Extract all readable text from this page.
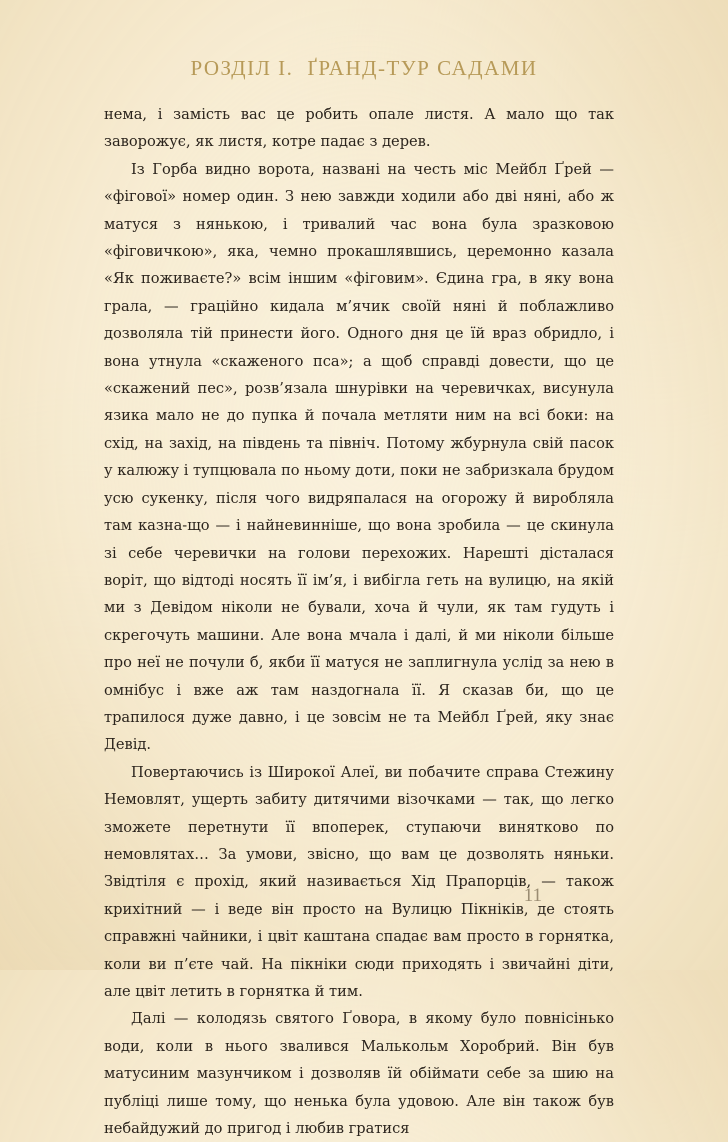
РОЗДІЛ І. ҐРАНД-ТУР САДАМИ

нема, і замість вас це робить опале листя. А мало що так заворожує, як листя, котре падає з дерев.

Із Горба видно ворота, названі на честь міс Мейбл Ґрей — «фігової» номер один. З нею завжди ходили або дві няні, або ж матуся з нянькою, і тривалий час вона була зразковою «фіговичкою», яка, чемно прокашлявшись, церемонно казала «Як поживаєте?» всім іншим «фіговим». Єдина гра, в яку вона грала, — граційно кидала м’ячик своїй няні й поблажливо дозволяла тій принести його. Одного дня це їй враз обридло, і вона утнула «скаженого пса»; а щоб справді довести, що це «скажений пес», розв’язала шнурівки на черевичках, висунула язика мало не до пупка й почала метляти ним на всі боки: на схід, на захід, на південь та північ. Потому жбурнула свій пасок у калюжу і тупцювала по ньому доти, поки не забризкала брудом усю сукенку, після чого видряпалася на огорожу й виробляла там казна-що — і найневинніше, що вона зробила — це скинула зі себе черевички на голови перехожих. Нарешті дісталася воріт, що відтоді носять її ім’я, і вибігла геть на вулицю, на якій ми з Девідом ніколи не бували, хоча й чули, як там гудуть і скрегочуть машини. Але вона мчала і далі, й ми ніколи більше про неї не почули б, якби її матуся не заплигнула услід за нею в омнібус і вже аж там наздогнала її. Я сказав би, що це трапилося дуже давно, і це зовсім не та Мейбл Ґрей, яку знає Девід.

Повертаючись із Широкої Алеї, ви побачите справа Стежину Немовлят, ущерть забиту дитячими візочками — так, що легко зможете перетнути її впоперек, ступаючи винятково по немовлятах… За умови, звісно, що вам це дозволять няньки. Звідтіля є прохід, який називається Хід Прапорців, — також крихітний — і веде він просто на Вулицю Пікніків, де стоять справжні чайники, і цвіт каштана спадає вам просто в горнятка, коли ви п’єте чай. На пікніки сюди приходять і звичайні діти, але цвіт летить в горнятка й тим.

Далі — колодязь святого Ґовора, в якому було повнісінько води, коли в нього звалився Малькольм Хоробрий. Він був матусиним мазунчиком і дозволяв їй обіймати себе за шию на публіці лише тому, що ненька була удовою. Але він також був небайдужий до пригод і любив гратися

11
